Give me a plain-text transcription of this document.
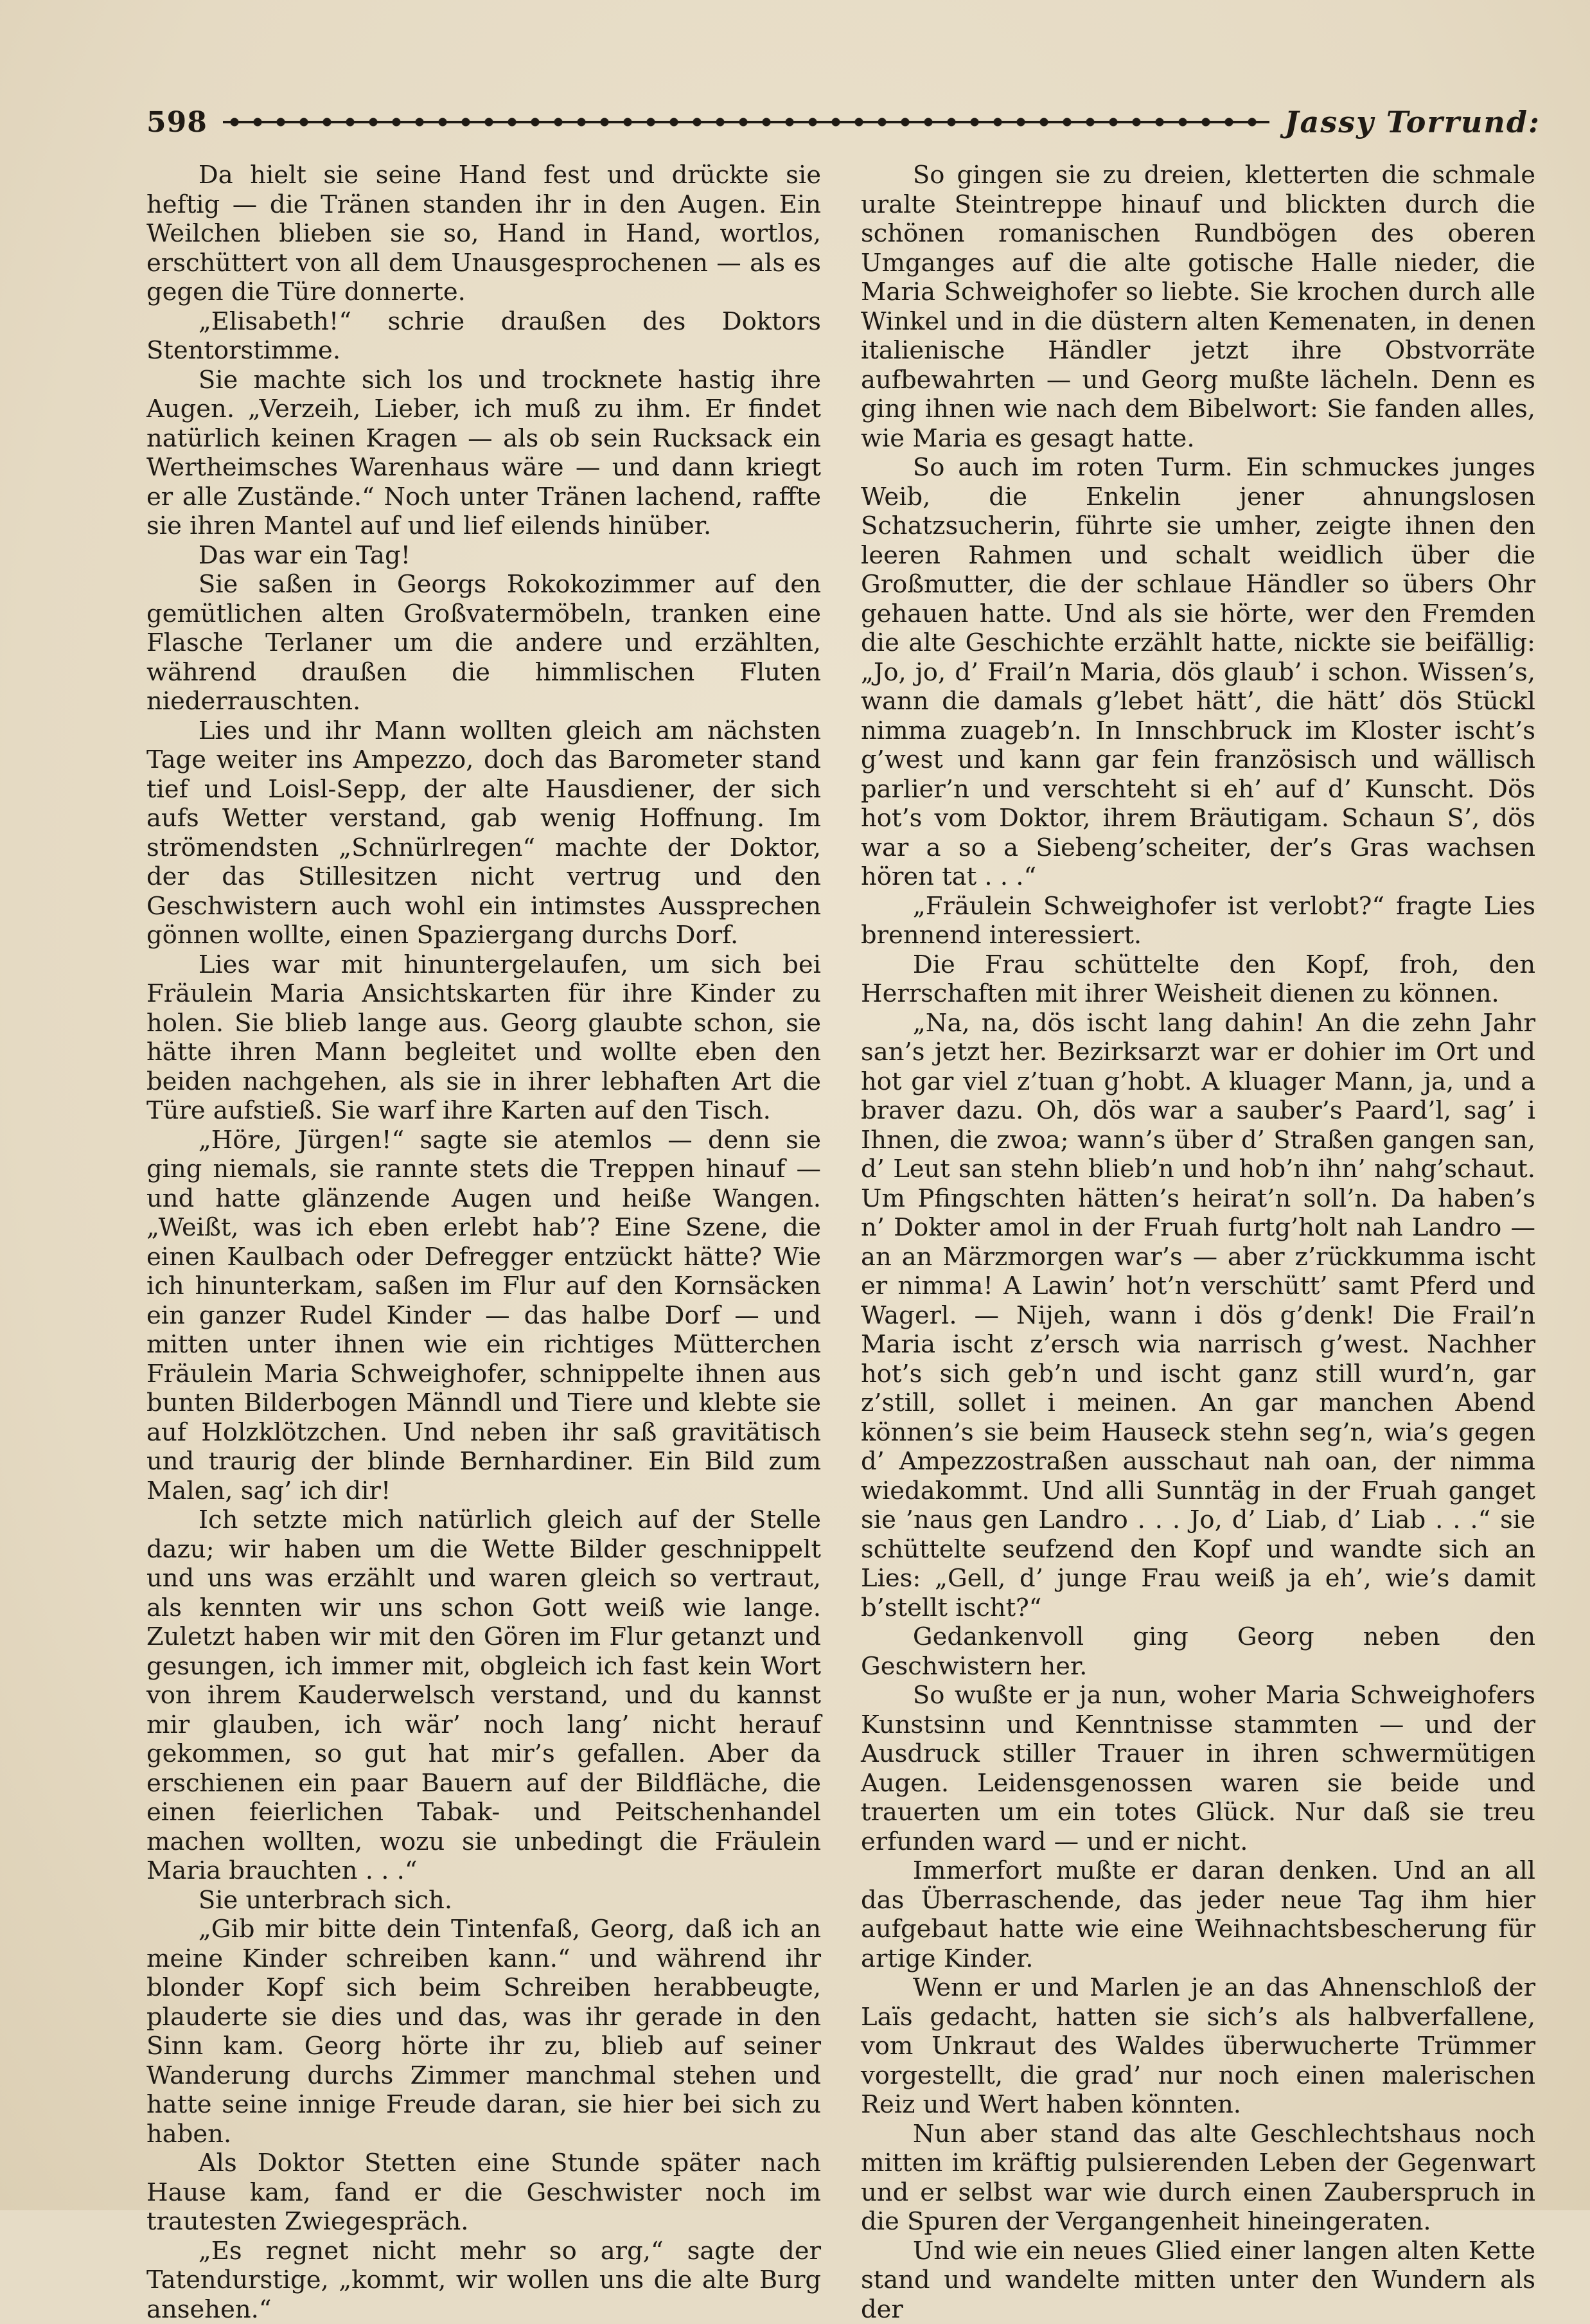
598	Jassy Torrund:

Da hielt sie seine Hand fest und drückte sie heftig — die Tränen standen ihr in den Augen. Ein Weilchen blieben sie so, Hand in Hand, wortlos, erschüttert von all dem Unausgesprochenen — als es gegen die Türe donnerte.

„Elisabeth!“ schrie draußen des Doktors Stentorstimme.

Sie machte sich los und trocknete hastig ihre Augen. „Verzeih, Lieber, ich muß zu ihm. Er findet natürlich keinen Kragen — als ob sein Rucksack ein Wertheimsches Warenhaus wäre — und dann kriegt er alle Zustände.“ Noch unter Tränen lachend, raffte sie ihren Mantel auf und lief eilends hinüber.

Das war ein Tag!

Sie saßen in Georgs Rokokozimmer auf den gemütlichen alten Großvatermöbeln, tranken eine Flasche Terlaner um die andere und erzählten, während draußen die himmlischen Fluten niederrauschten.

Lies und ihr Mann wollten gleich am nächsten Tage weiter ins Ampezzo, doch das Barometer stand tief und Loisl-Sepp, der alte Hausdiener, der sich aufs Wetter verstand, gab wenig Hoffnung. Im strömendsten „Schnürlregen“ machte der Doktor, der das Stillesitzen nicht vertrug und den Geschwistern auch wohl ein intimstes Aussprechen gönnen wollte, einen Spaziergang durchs Dorf.

Lies war mit hinuntergelaufen, um sich bei Fräulein Maria Ansichtskarten für ihre Kinder zu holen. Sie blieb lange aus. Georg glaubte schon, sie hätte ihren Mann begleitet und wollte eben den beiden nachgehen, als sie in ihrer lebhaften Art die Türe aufstieß. Sie warf ihre Karten auf den Tisch.

„Höre, Jürgen!“ sagte sie atemlos — denn sie ging niemals, sie rannte stets die Treppen hinauf — und hatte glänzende Augen und heiße Wangen. „Weißt, was ich eben erlebt hab’? Eine Szene, die einen Kaulbach oder Defregger entzückt hätte? Wie ich hinunterkam, saßen im Flur auf den Kornsäcken ein ganzer Rudel Kinder — das halbe Dorf — und mitten unter ihnen wie ein richtiges Mütterchen Fräulein Maria Schweighofer, schnippelte ihnen aus bunten Bilderbogen Männdl und Tiere und klebte sie auf Holzklötzchen. Und neben ihr saß gravitätisch und traurig der blinde Bernhardiner. Ein Bild zum Malen, sag’ ich dir!

Ich setzte mich natürlich gleich auf der Stelle dazu; wir haben um die Wette Bilder geschnippelt und uns was erzählt und waren gleich so vertraut, als kennten wir uns schon Gott weiß wie lange. Zuletzt haben wir mit den Gören im Flur getanzt und gesungen, ich immer mit, obgleich ich fast kein Wort von ihrem Kauderwelsch verstand, und du kannst mir glauben, ich wär’ noch lang’ nicht herauf gekommen, so gut hat mir’s gefallen. Aber da erschienen ein paar Bauern auf der Bildfläche, die einen feierlichen Tabak- und Peitschenhandel machen wollten, wozu sie unbedingt die Fräulein Maria brauchten . . .“

Sie unterbrach sich.

„Gib mir bitte dein Tintenfaß, Georg, daß ich an meine Kinder schreiben kann.“ und während ihr blonder Kopf sich beim Schreiben herabbeugte, plauderte sie dies und das, was ihr gerade in den Sinn kam. Georg hörte ihr zu, blieb auf seiner Wanderung durchs Zimmer manchmal stehen und hatte seine innige Freude daran, sie hier bei sich zu haben.

Als Doktor Stetten eine Stunde später nach Hause kam, fand er die Geschwister noch im trautesten Zwiegespräch.

„Es regnet nicht mehr so arg,“ sagte der Tatendurstige, „kommt, wir wollen uns die alte Burg ansehen.“

So gingen sie zu dreien, kletterten die schmale uralte Steintreppe hinauf und blickten durch die schönen romanischen Rundbögen des oberen Umganges auf die alte gotische Halle nieder, die Maria Schweighofer so liebte. Sie krochen durch alle Winkel und in die düstern alten Kemenaten, in denen italienische Händler jetzt ihre Obstvorräte aufbewahrten — und Georg mußte lächeln. Denn es ging ihnen wie nach dem Bibelwort: Sie fanden alles, wie Maria es gesagt hatte.

So auch im roten Turm. Ein schmuckes junges Weib, die Enkelin jener ahnungslosen Schatzsucherin, führte sie umher, zeigte ihnen den leeren Rahmen und schalt weidlich über die Großmutter, die der schlaue Händler so übers Ohr gehauen hatte. Und als sie hörte, wer den Fremden die alte Geschichte erzählt hatte, nickte sie beifällig: „Jo, jo, d’ Frail’n Maria, dös glaub’ i schon. Wissen’s, wann die damals g’lebet hätt’, die hätt’ dös Stückl nimma zuageb’n. In Innschbruck im Kloster ischt’s g’west und kann gar fein französisch und wällisch parlier’n und verschteht si eh’ auf d’ Kunscht. Dös hot’s vom Doktor, ihrem Bräutigam. Schaun S’, dös war a so a Siebeng’scheiter, der’s Gras wachsen hören tat . . .“

„Fräulein Schweighofer ist verlobt?“ fragte Lies brennend interessiert.

Die Frau schüttelte den Kopf, froh, den Herrschaften mit ihrer Weisheit dienen zu können.

„Na, na, dös ischt lang dahin! An die zehn Jahr san’s jetzt her. Bezirksarzt war er dohier im Ort und hot gar viel z’tuan g’hobt. A kluager Mann, ja, und a braver dazu. Oh, dös war a sauber’s Paard’l, sag’ i Ihnen, die zwoa; wann’s über d’ Straßen gangen san, d’ Leut san stehn blieb’n und hob’n ihn’ nahg’schaut. Um Pfingschten hätten’s heirat’n soll’n. Da haben’s n’ Dokter amol in der Fruah furtg’holt nah Landro — an an Märzmorgen war’s — aber z’rückkumma ischt er nimma! A Lawin’ hot’n verschütt’ samt Pferd und Wagerl. — Nijeh, wann i dös g’denk! Die Frail’n Maria ischt z’ersch wia narrisch g’west. Nachher hot’s sich geb’n und ischt ganz still wurd’n, gar z’still, sollet i meinen. An gar manchen Abend können’s sie beim Hauseck stehn seg’n, wia’s gegen d’ Ampezzostraßen ausschaut nah oan, der nimma wiedakommt. Und alli Sunntäg in der Fruah ganget sie ’naus gen Landro . . . Jo, d’ Liab, d’ Liab . . .“ sie schüttelte seufzend den Kopf und wandte sich an Lies: „Gell, d’ junge Frau weiß ja eh’, wie’s damit b’stellt ischt?“

Gedankenvoll ging Georg neben den Geschwistern her.

So wußte er ja nun, woher Maria Schweighofers Kunstsinn und Kenntnisse stammten — und der Ausdruck stiller Trauer in ihren schwermütigen Augen. Leidensgenossen waren sie beide und trauerten um ein totes Glück. Nur daß sie treu erfunden ward — und er nicht.

Immerfort mußte er daran denken. Und an all das Überraschende, das jeder neue Tag ihm hier aufgebaut hatte wie eine Weihnachtsbescherung für artige Kinder.

Wenn er und Marlen je an das Ahnenschloß der Laïs gedacht, hatten sie sich’s als halbverfallene, vom Unkraut des Waldes überwucherte Trümmer vorgestellt, die grad’ nur noch einen malerischen Reiz und Wert haben könnten.

Nun aber stand das alte Geschlechtshaus noch mitten im kräftig pulsierenden Leben der Gegenwart und er selbst war wie durch einen Zauberspruch in die Spuren der Vergangenheit hineingeraten.

Und wie ein neues Glied einer langen alten Kette stand und wandelte mitten unter den Wundern als der
